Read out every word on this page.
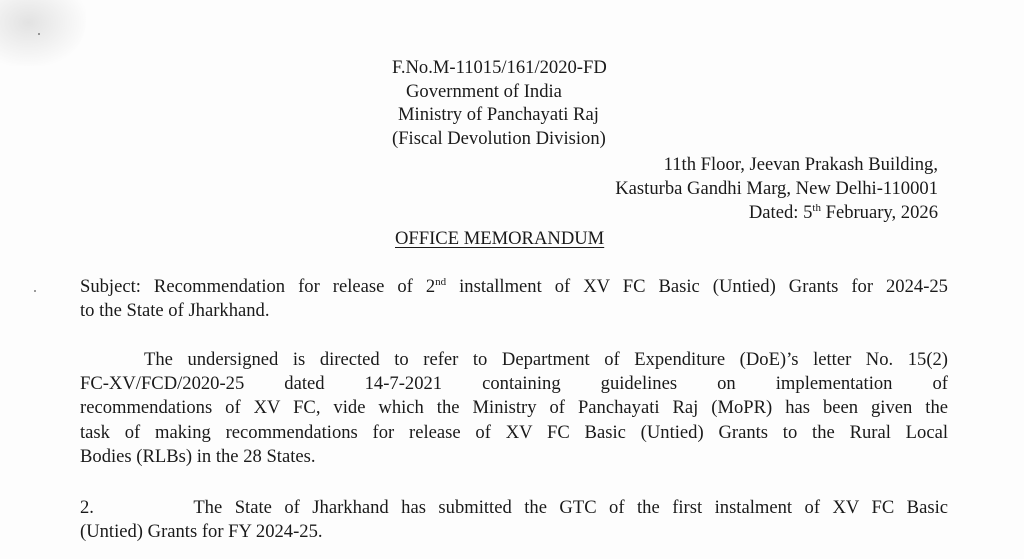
F.No.M-11015/161/2020-FD
Government of India
Ministry of Panchayati Raj
(Fiscal Devolution Division)
11th Floor, Jeevan Prakash Building,
Kasturba Gandhi Marg, New Delhi-110001
Dated: 5th February, 2026
OFFICE MEMORANDUM
Subject: Recommendation for release of 2nd installment of XV FC Basic (Untied) Grants for 2024-25
to the State of Jharkhand.
The undersigned is directed to refer to Department of Expenditure (DoE)’s letter No. 15(2)
FC-XV/FCD/2020-25 dated 14-7-2021 containing guidelines on implementation of
recommendations of XV FC, vide which the Ministry of Panchayati Raj (MoPR) has been given the
task of making recommendations for release of XV FC Basic (Untied) Grants to the Rural Local
Bodies (RLBs) in the 28 States.
2.        The State of Jharkhand has submitted the GTC of the first instalment of XV FC Basic
(Untied) Grants for FY 2024-25.
